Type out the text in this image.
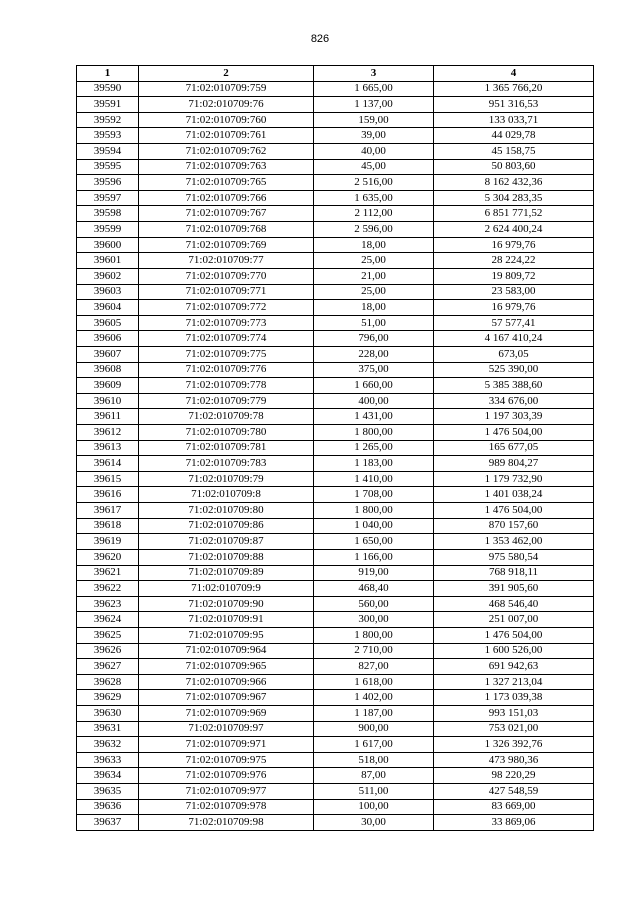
826
1	2	3	4
39590	71:02:010709:759	1 665,00	1 365 766,20
39591	71:02:010709:76	1 137,00	951 316,53
39592	71:02:010709:760	159,00	133 033,71
39593	71:02:010709:761	39,00	44 029,78
39594	71:02:010709:762	40,00	45 158,75
39595	71:02:010709:763	45,00	50 803,60
39596	71:02:010709:765	2 516,00	8 162 432,36
39597	71:02:010709:766	1 635,00	5 304 283,35
39598	71:02:010709:767	2 112,00	6 851 771,52
39599	71:02:010709:768	2 596,00	2 624 400,24
39600	71:02:010709:769	18,00	16 979,76
39601	71:02:010709:77	25,00	28 224,22
39602	71:02:010709:770	21,00	19 809,72
39603	71:02:010709:771	25,00	23 583,00
39604	71:02:010709:772	18,00	16 979,76
39605	71:02:010709:773	51,00	57 577,41
39606	71:02:010709:774	796,00	4 167 410,24
39607	71:02:010709:775	228,00	673,05
39608	71:02:010709:776	375,00	525 390,00
39609	71:02:010709:778	1 660,00	5 385 388,60
39610	71:02:010709:779	400,00	334 676,00
39611	71:02:010709:78	1 431,00	1 197 303,39
39612	71:02:010709:780	1 800,00	1 476 504,00
39613	71:02:010709:781	1 265,00	165 677,05
39614	71:02:010709:783	1 183,00	989 804,27
39615	71:02:010709:79	1 410,00	1 179 732,90
39616	71:02:010709:8	1 708,00	1 401 038,24
39617	71:02:010709:80	1 800,00	1 476 504,00
39618	71:02:010709:86	1 040,00	870 157,60
39619	71:02:010709:87	1 650,00	1 353 462,00
39620	71:02:010709:88	1 166,00	975 580,54
39621	71:02:010709:89	919,00	768 918,11
39622	71:02:010709:9	468,40	391 905,60
39623	71:02:010709:90	560,00	468 546,40
39624	71:02:010709:91	300,00	251 007,00
39625	71:02:010709:95	1 800,00	1 476 504,00
39626	71:02:010709:964	2 710,00	1 600 526,00
39627	71:02:010709:965	827,00	691 942,63
39628	71:02:010709:966	1 618,00	1 327 213,04
39629	71:02:010709:967	1 402,00	1 173 039,38
39630	71:02:010709:969	1 187,00	993 151,03
39631	71:02:010709:97	900,00	753 021,00
39632	71:02:010709:971	1 617,00	1 326 392,76
39633	71:02:010709:975	518,00	473 980,36
39634	71:02:010709:976	87,00	98 220,29
39635	71:02:010709:977	511,00	427 548,59
39636	71:02:010709:978	100,00	83 669,00
39637	71:02:010709:98	30,00	33 869,06
